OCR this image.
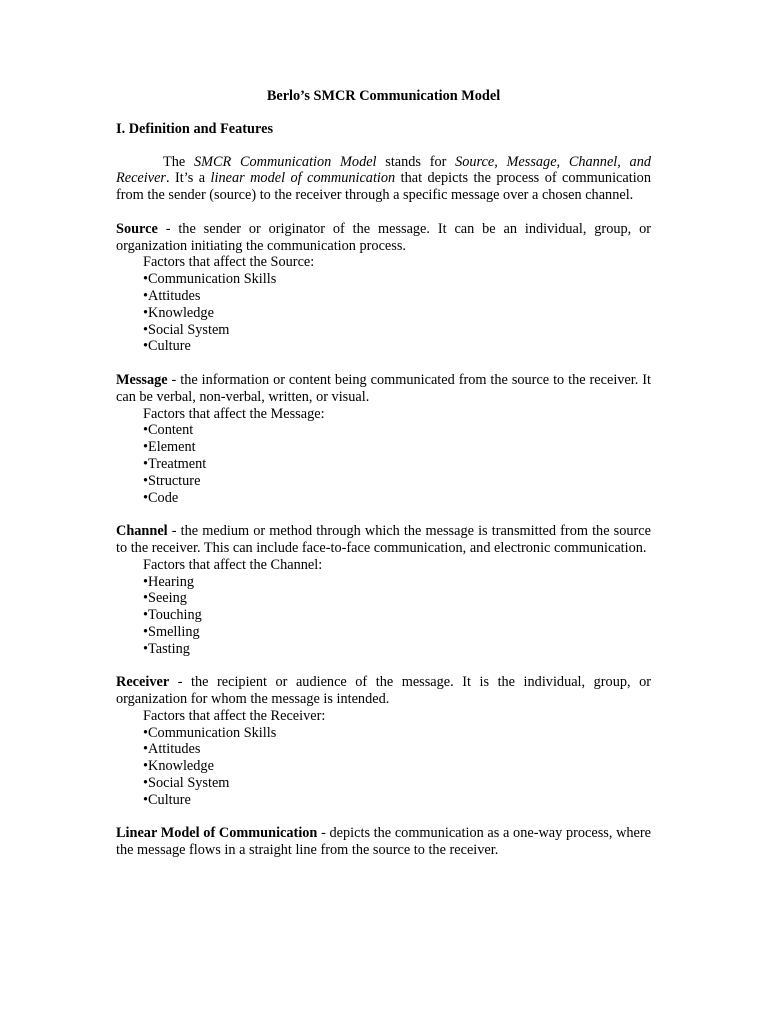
Berlo’s SMCR Communication Model

I. Definition and Features

The SMCR Communication Model stands for Source, Message, Channel, and Receiver. It’s a linear model of communication that depicts the process of communication from the sender (source) to the receiver through a specific message over a chosen channel.

Source - the sender or originator of the message. It can be an individual, group, or organization initiating the communication process.

Factors that affect the Source:
•Communication Skills
•Attitudes
•Knowledge
•Social System
•Culture

Message - the information or content being communicated from the source to the receiver. It can be verbal, non-verbal, written, or visual.

Factors that affect the Message:
•Content
•Element
•Treatment
•Structure
•Code

Channel - the medium or method through which the message is transmitted from the source to the receiver. This can include face-to-face communication, and electronic communication.

Factors that affect the Channel:
•Hearing
•Seeing
•Touching
•Smelling
•Tasting

Receiver - the recipient or audience of the message. It is the individual, group, or organization for whom the message is intended.

Factors that affect the Receiver:
•Communication Skills
•Attitudes
•Knowledge
•Social System
•Culture

Linear Model of Communication - depicts the communication as a one-way process, where the message flows in a straight line from the source to the receiver.
